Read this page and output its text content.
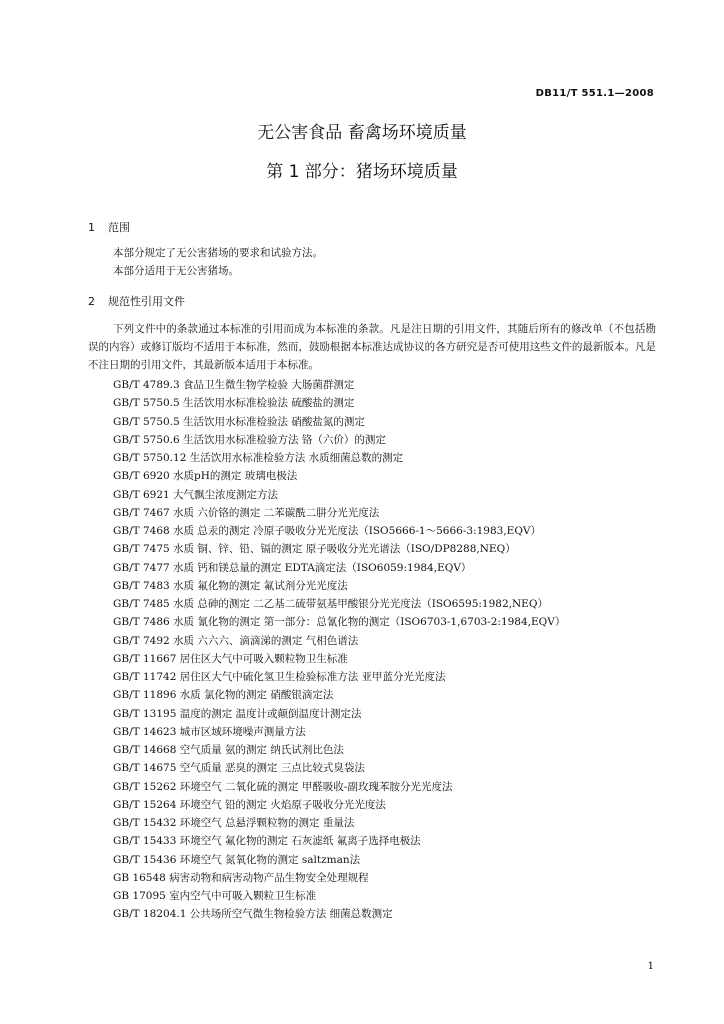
DB11/T 551.1—2008
无公害食品 畜禽场环境质量
第 1 部分：猪场环境质量
1 范围
本部分规定了无公害猪场的要求和试验方法。
本部分适用于无公害猪场。
2 规范性引用文件
下列文件中的条款通过本标准的引用而成为本标准的条款。凡是注日期的引用文件，其随后所有的修改单（不包括勘误的内容）或修订版均不适用于本标准，然而，鼓励根据本标准达成协议的各方研究是否可使用这些文件的最新版本。凡是不注日期的引用文件，其最新版本适用于本标准。
GB/T 4789.3 食品卫生微生物学检验 大肠菌群测定
GB/T 5750.5 生活饮用水标准检验法 硫酸盐的测定
GB/T 5750.5 生活饮用水标准检验法 硝酸盐氮的测定
GB/T 5750.6 生活饮用水标准检验方法 铬（六价）的测定
GB/T 5750.12 生活饮用水标准检验方法 水质细菌总数的测定
GB/T 6920 水质pH的测定 玻璃电极法
GB/T 6921 大气飘尘浓度测定方法
GB/T 7467 水质 六价铬的测定 二苯碳酰二肼分光光度法
GB/T 7468 水质 总汞的测定 冷原子吸收分光光度法（ISO5666-1～5666-3:1983,EQV）
GB/T 7475 水质 铜、锌、铅、镉的测定 原子吸收分光光谱法（ISO/DP8288,NEQ）
GB/T 7477 水质 钙和镁总量的测定 EDTA滴定法（ISO6059:1984,EQV）
GB/T 7483 水质 氟化物的测定 氟试剂分光光度法
GB/T 7485 水质 总砷的测定 二乙基二硫带氨基甲酸银分光光度法（ISO6595:1982,NEQ）
GB/T 7486 水质 氰化物的测定 第一部分：总氰化物的测定（ISO6703-1,6703-2:1984,EQV）
GB/T 7492 水质 六六六、滴滴涕的测定 气相色谱法
GB/T 11667 居住区大气中可吸入颗粒物卫生标准
GB/T 11742 居住区大气中硫化氢卫生检验标准方法 亚甲蓝分光光度法
GB/T 11896 水质 氯化物的测定 硝酸银滴定法
GB/T 13195 温度的测定 温度计或颠倒温度计测定法
GB/T 14623 城市区域环境噪声测量方法
GB/T 14668 空气质量 氨的测定 纳氏试剂比色法
GB/T 14675 空气质量 恶臭的测定 三点比较式臭袋法
GB/T 15262 环境空气 二氧化硫的测定 甲醛吸收-副玫瑰苯胺分光光度法
GB/T 15264 环境空气 铅的测定 火焰原子吸收分光光度法
GB/T 15432 环境空气 总悬浮颗粒物的测定 重量法
GB/T 15433 环境空气 氟化物的测定 石灰滤纸 氟离子选择电极法
GB/T 15436 环境空气 氮氧化物的测定 saltzman法
GB 16548 病害动物和病害动物产品生物安全处理规程
GB 17095 室内空气中可吸入颗粒卫生标准
GB/T 18204.1 公共场所空气微生物检验方法 细菌总数测定
1
